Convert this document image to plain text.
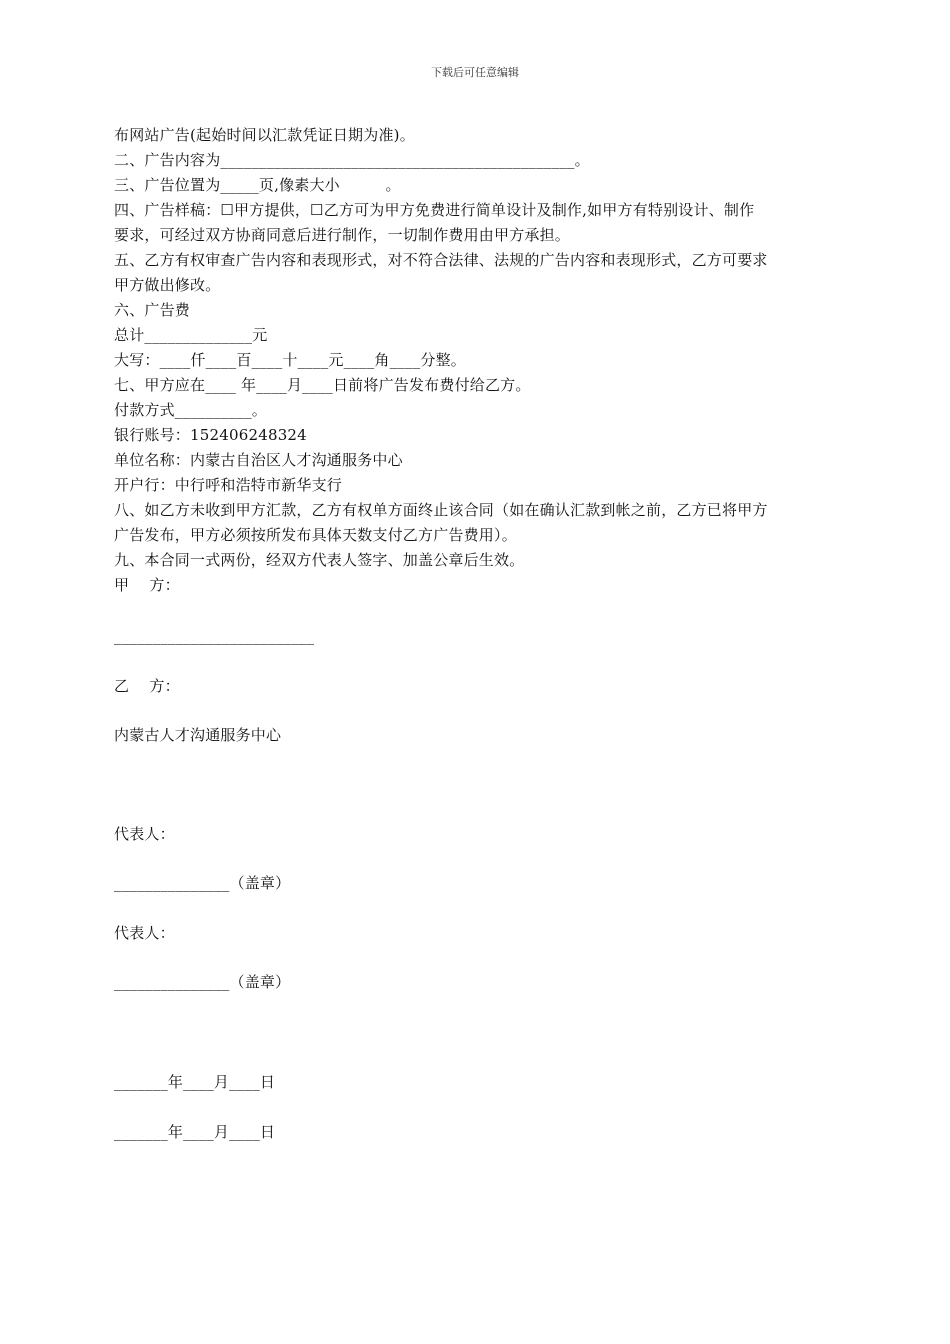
下载后可任意编辑
布网站广告(起始时间以汇款凭证日期为准)。
二、广告内容为______________________________________________。
三、广告位置为_____页,像素大小　　　。
四、广告样稿：☐甲方提供，☐乙方可为甲方免费进行简单设计及制作,如甲方有特别设计、制作
要求，可经过双方协商同意后进行制作，一切制作费用由甲方承担。
五、乙方有权审查广告内容和表现形式，对不符合法律、法规的广告内容和表现形式，乙方可要求
甲方做出修改。
六、广告费
总计______________元
大写：____仟____百____十____元____角____分整。
七、甲方应在____ 年____月____日前将广告发布费付给乙方。
付款方式__________。
银行账号：152406248324
单位名称：内蒙古自治区人才沟通服务中心
开户行：中行呼和浩特市新华支行
八、如乙方未收到甲方汇款，乙方有权单方面终止该合同（如在确认汇款到帐之前，乙方已将甲方
广告发布，甲方必须按所发布具体天数支付乙方广告费用）。
九、本合同一式两份，经双方代表人签字、加盖公章后生效。
甲　 方：
__________________________
乙　 方：
内蒙古人才沟通服务中心
代表人：
_______________（盖章）
代表人：
_______________（盖章）
_______年____月____日
_______年____月____日
